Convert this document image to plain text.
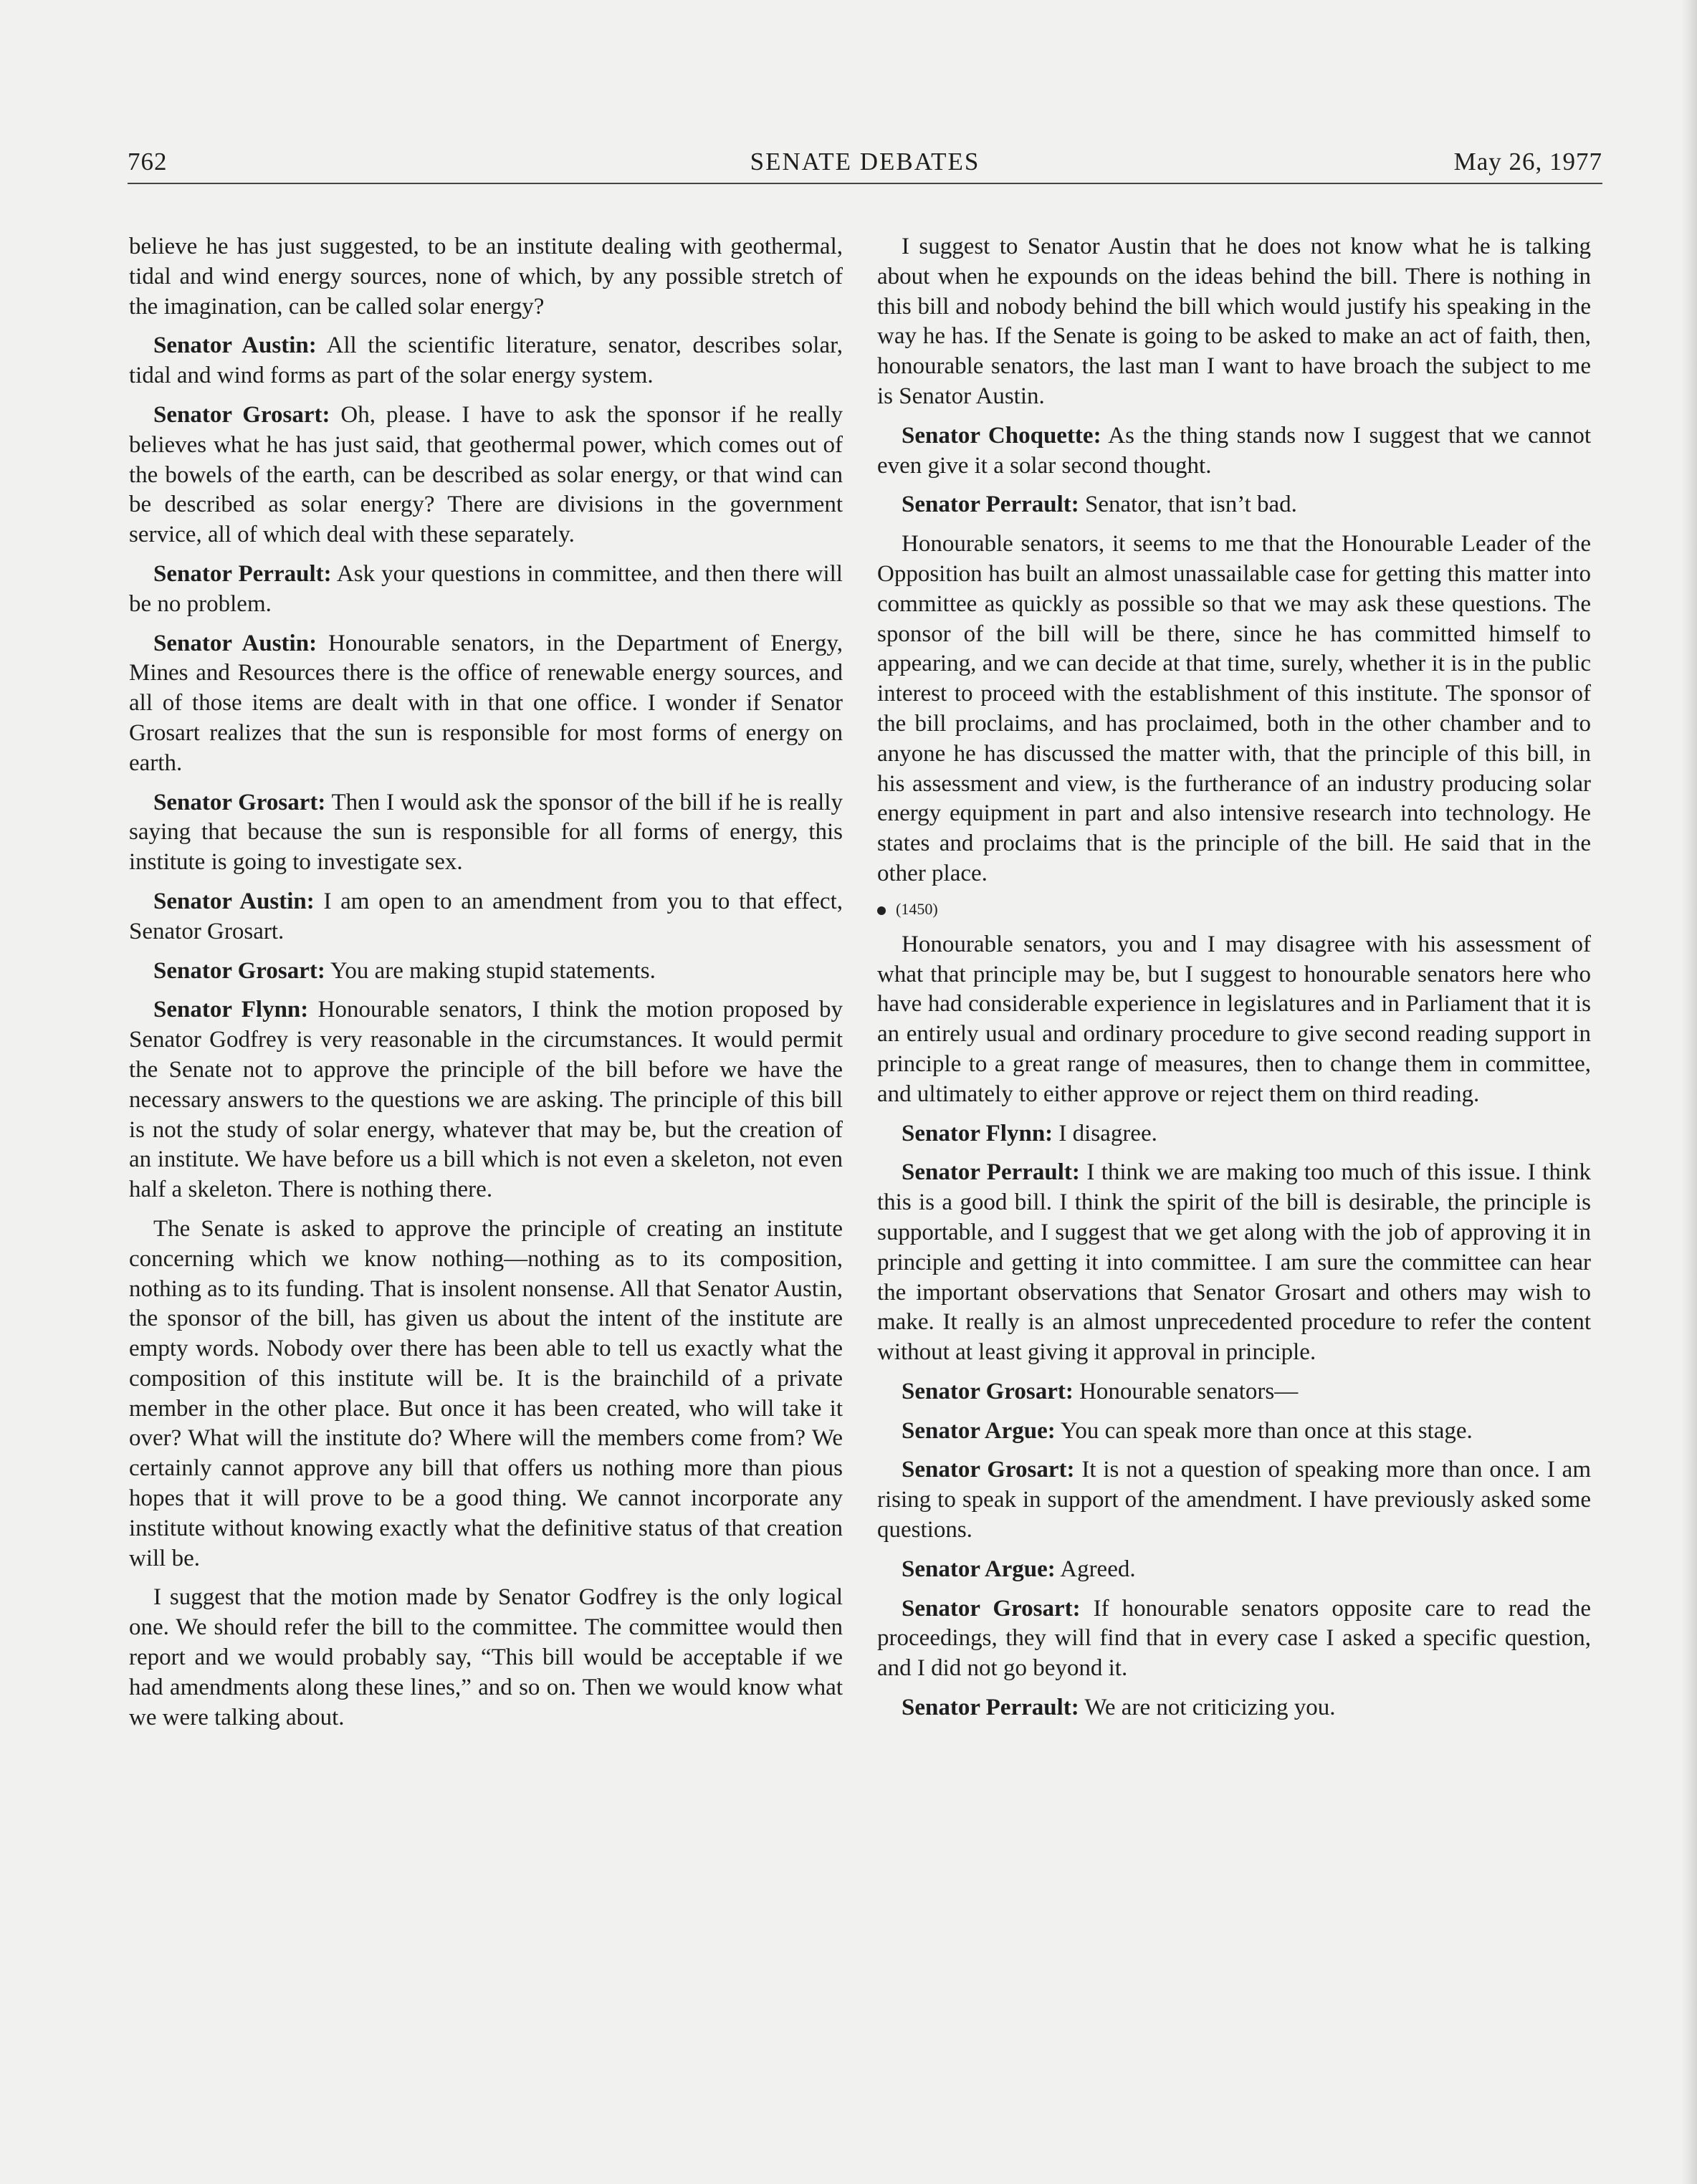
762	SENATE DEBATES	May 26, 1977

believe he has just suggested, to be an institute dealing with geothermal, tidal and wind energy sources, none of which, by any possible stretch of the imagination, can be called solar energy?

Senator Austin: All the scientific literature, senator, describes solar, tidal and wind forms as part of the solar energy system.

Senator Grosart: Oh, please. I have to ask the sponsor if he really believes what he has just said, that geothermal power, which comes out of the bowels of the earth, can be described as solar energy, or that wind can be described as solar energy? There are divisions in the government service, all of which deal with these separately.

Senator Perrault: Ask your questions in committee, and then there will be no problem.

Senator Austin: Honourable senators, in the Department of Energy, Mines and Resources there is the office of renewable energy sources, and all of those items are dealt with in that one office. I wonder if Senator Grosart realizes that the sun is responsible for most forms of energy on earth.

Senator Grosart: Then I would ask the sponsor of the bill if he is really saying that because the sun is responsible for all forms of energy, this institute is going to investigate sex.

Senator Austin: I am open to an amendment from you to that effect, Senator Grosart.

Senator Grosart: You are making stupid statements.

Senator Flynn: Honourable senators, I think the motion proposed by Senator Godfrey is very reasonable in the circumstances. It would permit the Senate not to approve the principle of the bill before we have the necessary answers to the questions we are asking. The principle of this bill is not the study of solar energy, whatever that may be, but the creation of an institute. We have before us a bill which is not even a skeleton, not even half a skeleton. There is nothing there.

The Senate is asked to approve the principle of creating an institute concerning which we know nothing—nothing as to its composition, nothing as to its funding. That is insolent nonsense. All that Senator Austin, the sponsor of the bill, has given us about the intent of the institute are empty words. Nobody over there has been able to tell us exactly what the composition of this institute will be. It is the brainchild of a private member in the other place. But once it has been created, who will take it over? What will the institute do? Where will the members come from? We certainly cannot approve any bill that offers us nothing more than pious hopes that it will prove to be a good thing. We cannot incorporate any institute without knowing exactly what the definitive status of that creation will be.

I suggest that the motion made by Senator Godfrey is the only logical one. We should refer the bill to the committee. The committee would then report and we would probably say, “This bill would be acceptable if we had amendments along these lines,” and so on. Then we would know what we were talking about.

I suggest to Senator Austin that he does not know what he is talking about when he expounds on the ideas behind the bill. There is nothing in this bill and nobody behind the bill which would justify his speaking in the way he has. If the Senate is going to be asked to make an act of faith, then, honourable senators, the last man I want to have broach the subject to me is Senator Austin.

Senator Choquette: As the thing stands now I suggest that we cannot even give it a solar second thought.

Senator Perrault: Senator, that isn’t bad.

Honourable senators, it seems to me that the Honourable Leader of the Opposition has built an almost unassailable case for getting this matter into committee as quickly as possible so that we may ask these questions. The sponsor of the bill will be there, since he has committed himself to appearing, and we can decide at that time, surely, whether it is in the public interest to proceed with the establishment of this institute. The sponsor of the bill proclaims, and has proclaimed, both in the other chamber and to anyone he has discussed the matter with, that the principle of this bill, in his assessment and view, is the furtherance of an industry producing solar energy equipment in part and also intensive research into technology. He states and proclaims that is the principle of the bill. He said that in the other place.

(1450)

Honourable senators, you and I may disagree with his assessment of what that principle may be, but I suggest to honourable senators here who have had considerable experience in legislatures and in Parliament that it is an entirely usual and ordinary procedure to give second reading support in principle to a great range of measures, then to change them in committee, and ultimately to either approve or reject them on third reading.

Senator Flynn: I disagree.

Senator Perrault: I think we are making too much of this issue. I think this is a good bill. I think the spirit of the bill is desirable, the principle is supportable, and I suggest that we get along with the job of approving it in principle and getting it into committee. I am sure the committee can hear the important observations that Senator Grosart and others may wish to make. It really is an almost unprecedented procedure to refer the content without at least giving it approval in principle.

Senator Grosart: Honourable senators—

Senator Argue: You can speak more than once at this stage.

Senator Grosart: It is not a question of speaking more than once. I am rising to speak in support of the amendment. I have previously asked some questions.

Senator Argue: Agreed.

Senator Grosart: If honourable senators opposite care to read the proceedings, they will find that in every case I asked a specific question, and I did not go beyond it.

Senator Perrault: We are not criticizing you.
